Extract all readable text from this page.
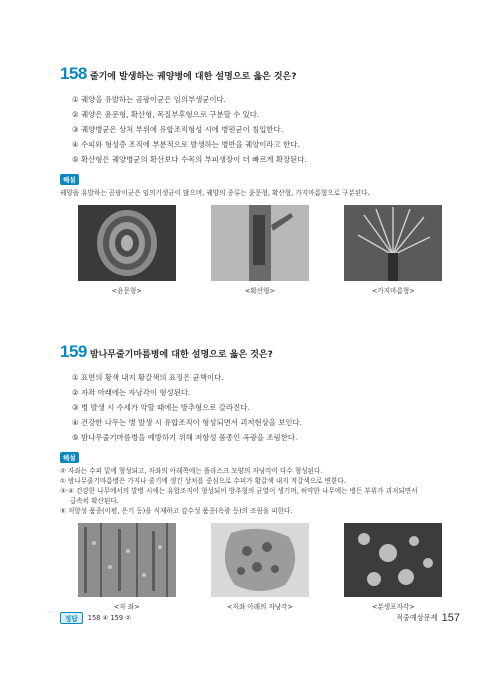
158 줄기에 발생하는 궤양병에 대한 설명으로 옳은 것은?
① 궤양을 유발하는 곰팡이균은 임의부생균이다.
② 궤양은 윤문형, 확산형, 목질부후형으로 구분할 수 있다.
③ 궤양병균은 상처 부위에 유합조직형성 시에 병원균이 침입한다.
④ 수피와 형성층 조직에 부분적으로 발생하는 병반을 궤양이라고 한다.
⑤ 확산형은 궤양병균의 확산보다 수목의 부피생장이 더 빠르게 확장된다.
해설
궤양을 유발하는 곰팡이균은 임의기생균이 많으며, 궤양의 종류는 윤문형, 확산형, 가지마름형으로 구분된다.
<윤문형>	<확산형>	<가지마름형>
159 밤나무줄기마름병에 대한 설명으로 옳은 것은?
① 표면의 황색 내지 황갈색의 표징은 균핵이다.
② 자좌 아래에는 자낭각이 형성된다.
③ 병 발생 시 수세가 약할 때에는 방추형으로 갈라진다.
④ 건강한 나무는 병 발생 시 유합조직이 형성되면서 괴저현상을 보인다.
⑤ 밤나무줄기마름병을 예방하기 위해 저항성 품종인 옥광을 조림한다.
해설
② 자좌는 수피 밑에 형성되고, 자좌의 아래쪽에는 플라스크 모양의 자낭각이 다수 형성된다.
① 밤나무줄기마름병은 가지나 줄기에 생긴 상처를 중심으로 수피가 황갈색 내지 적갈색으로 변한다.
③·④ 건강한 나무에서의 발병 시에는 유합조직이 형성되어 방추형의 균열이 생기며, 허약한 나무에는 병든 부위가 괴저되면서
급속히 확산된다.
⑤ 저항성 품종(이평, 은기 등)을 식재하고 감수성 품종(옥광 등)의 조림을 피한다.
<자 좌>	<자좌 아래의 자낭각>	<분생포자각>
정답	158 ④ 159 ②	적중예상문제 157
